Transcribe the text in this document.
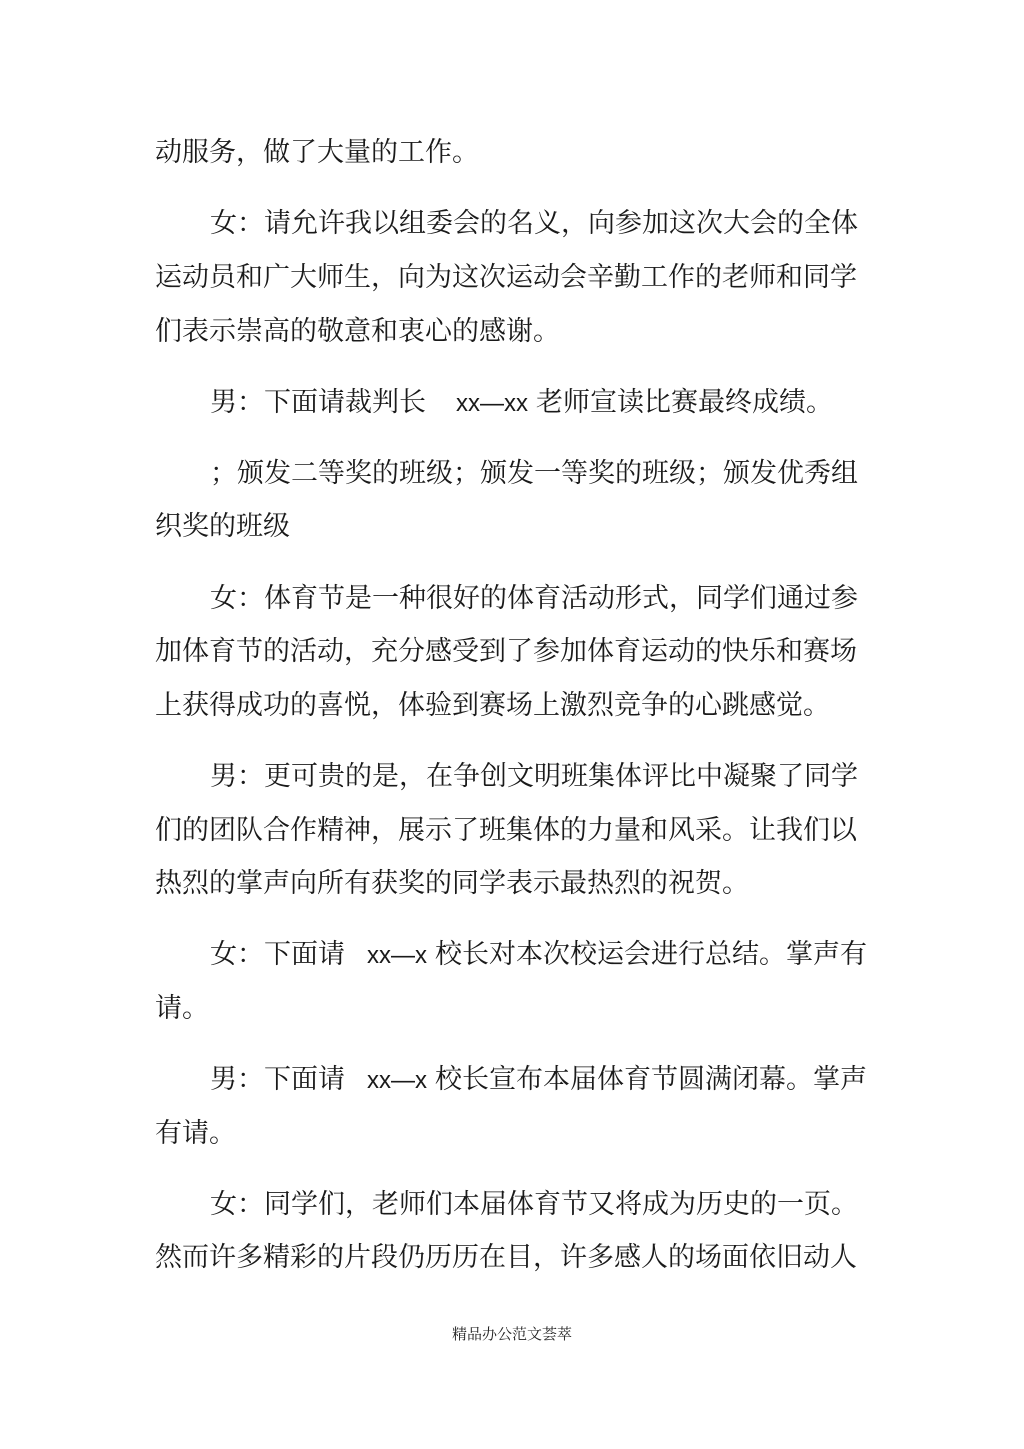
动服务，做了大量的工作。
女：请允许我以组委会的名义，向参加这次大会的全体
运动员和广大师生，向为这次运动会辛勤工作的老师和同学
们表示崇高的敬意和衷心的感谢。
男：下面请裁判长 xx—xx 老师宣读比赛最终成绩。
；颁发二等奖的班级；颁发一等奖的班级；颁发优秀组
织奖的班级
女：体育节是一种很好的体育活动形式，同学们通过参
加体育节的活动，充分感受到了参加体育运动的快乐和赛场
上获得成功的喜悦，体验到赛场上激烈竞争的心跳感觉。
男：更可贵的是，在争创文明班集体评比中凝聚了同学
们的团队合作精神，展示了班集体的力量和风采。让我们以
热烈的掌声向所有获奖的同学表示最热烈的祝贺。
女：下面请 xx—x 校长对本次校运会进行总结。掌声有
请。
男：下面请 xx—x 校长宣布本届体育节圆满闭幕。掌声
有请。
女：同学们，老师们本届体育节又将成为历史的一页。
然而许多精彩的片段仍历历在目，许多感人的场面依旧动人
精品办公范文荟萃
